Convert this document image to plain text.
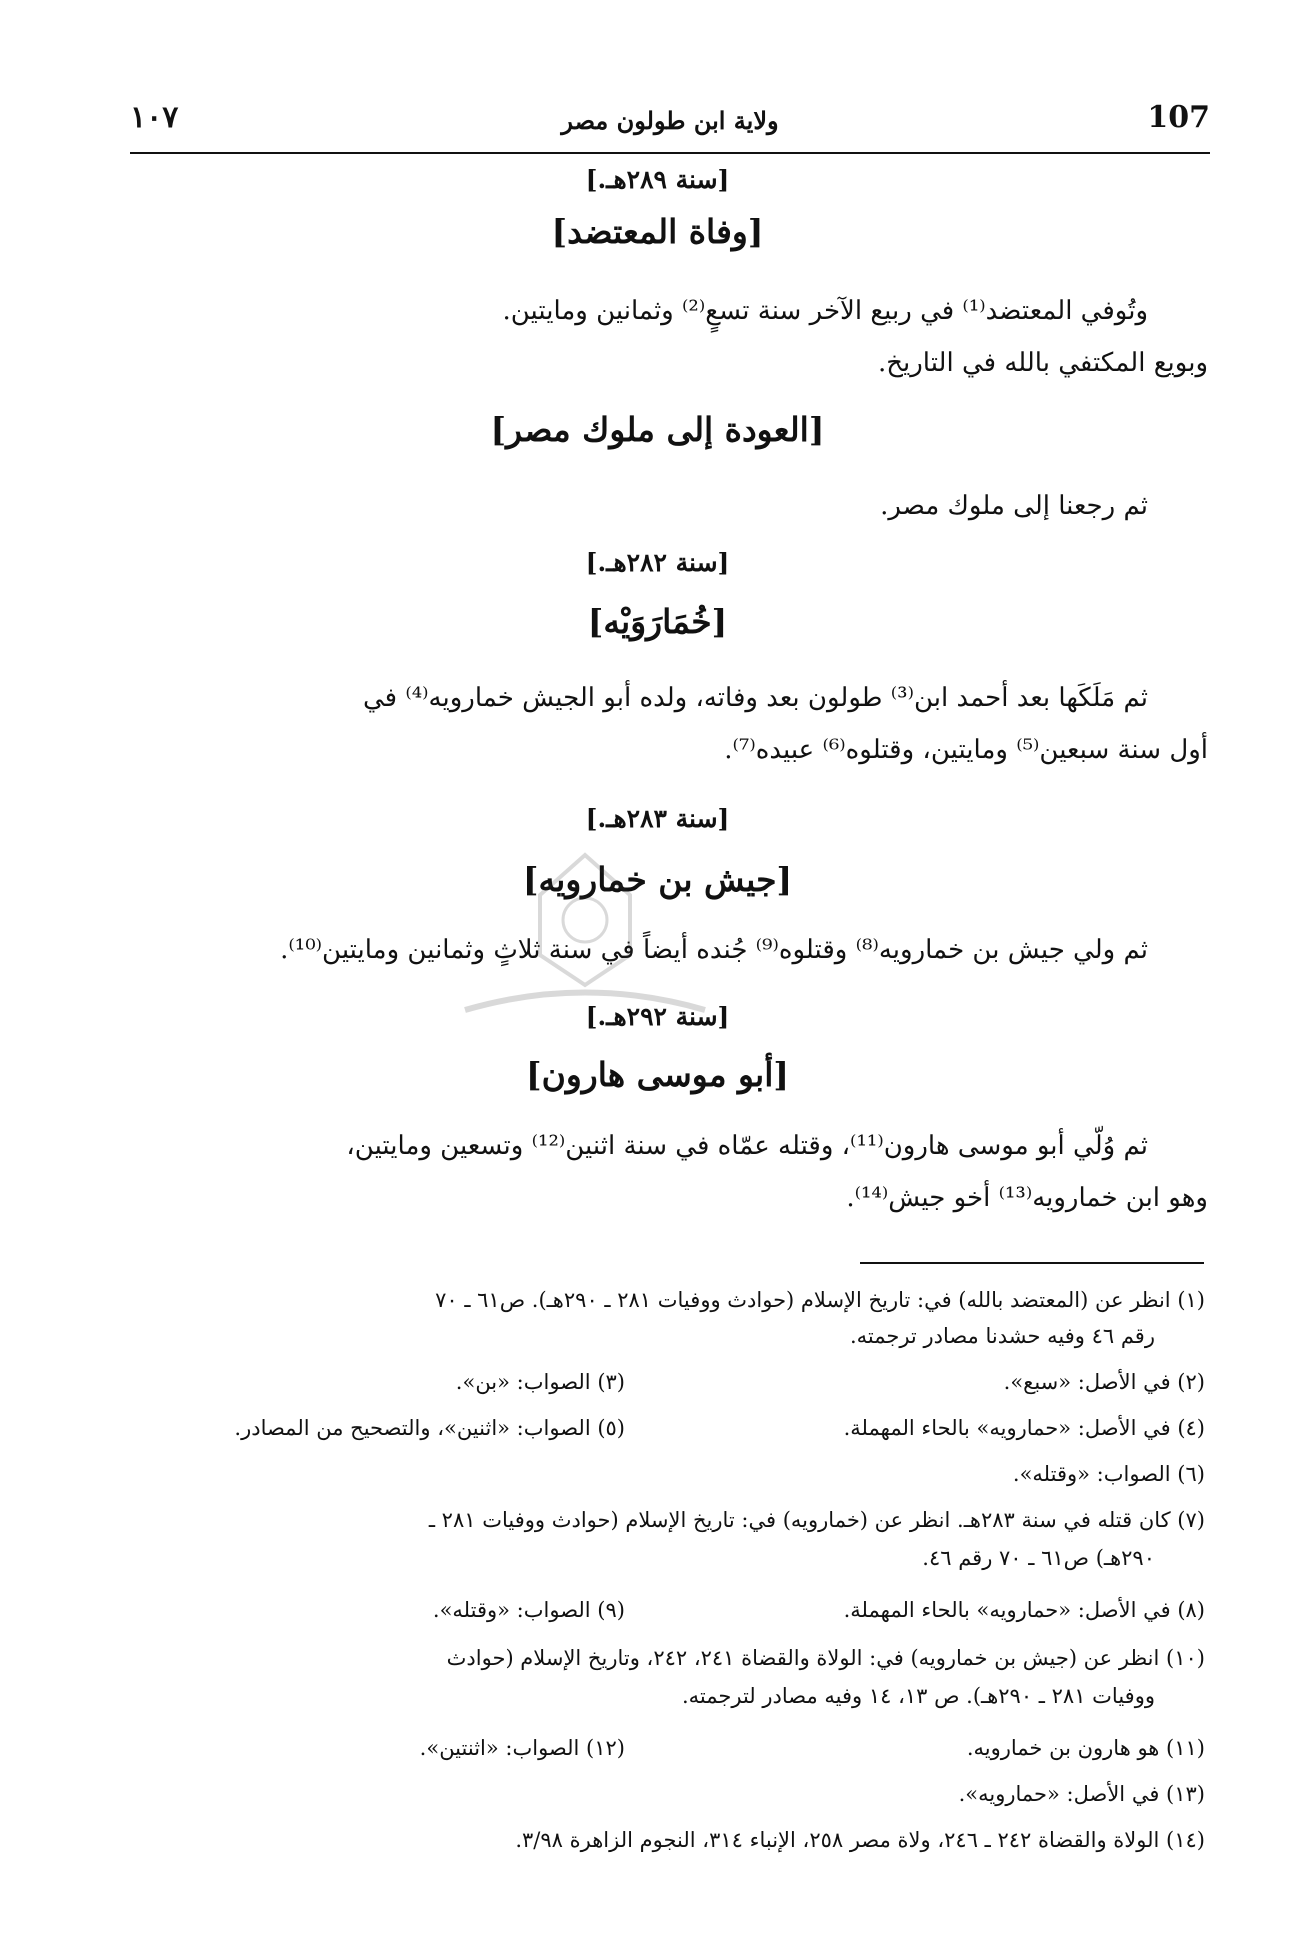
١٠٧	ولاية ابن طولون مصر	107
[سنة ٢٨٩هـ.]
[وفاة المعتضد]
وتُوفي المعتضد⁽¹⁾ في ربيع الآخر سنة تسعٍ⁽²⁾ وثمانين ومايتين.
وبويع المكتفي بالله في التاريخ.
[العودة إلى ملوك مصر]
ثم رجعنا إلى ملوك مصر.
[سنة ٢٨٢هـ.]
[خُمَارَوَيْه]
ثم مَلَكَها بعد أحمد ابن⁽³⁾ طولون بعد وفاته، ولده أبو الجيش خمارويه⁽⁴⁾ في
أول سنة سبعين⁽⁵⁾ ومايتين، وقتلوه⁽⁶⁾ عبيده⁽⁷⁾.
[سنة ٢٨٣هـ.]
[جيش بن خمارويه]
ثم ولي جيش بن خمارويه⁽⁸⁾ وقتلوه⁽⁹⁾ جُنده أيضاً في سنة ثلاثٍ وثمانين ومايتين⁽¹⁰⁾.
[سنة ٢٩٢هـ.]
[أبو موسى هارون]
ثم وُلّي أبو موسى هارون⁽¹¹⁾، وقتله عمّاه في سنة اثنين⁽¹²⁾ وتسعين ومايتين،
وهو ابن خمارويه⁽¹³⁾ أخو جيش⁽¹⁴⁾.
(١) انظر عن (المعتضد بالله) في: تاريخ الإسلام (حوادث ووفيات ٢٨١ ـ ٢٩٠هـ). ص٦١ ـ ٧٠
رقم ٤٦ وفيه حشدنا مصادر ترجمته.
(٢) في الأصل: «سبع».
(٣) الصواب: «بن».
(٤) في الأصل: «حمارويه» بالحاء المهملة.
(٥) الصواب: «اثنين»، والتصحيح من المصادر.
(٦) الصواب: «وقتله».
(٧) كان قتله في سنة ٢٨٣هـ. انظر عن (خمارويه) في: تاريخ الإسلام (حوادث ووفيات ٢٨١ ـ
٢٩٠هـ) ص٦١ ـ ٧٠ رقم ٤٦.
(٨) في الأصل: «حمارويه» بالحاء المهملة.
(٩) الصواب: «وقتله».
(١٠) انظر عن (جيش بن خمارويه) في: الولاة والقضاة ٢٤١، ٢٤٢، وتاريخ الإسلام (حوادث
ووفيات ٢٨١ ـ ٢٩٠هـ). ص ١٣، ١٤ وفيه مصادر لترجمته.
(١١) هو هارون بن خمارويه.
(١٢) الصواب: «اثنتين».
(١٣) في الأصل: «حمارويه».
(١٤) الولاة والقضاة ٢٤٢ ـ ٢٤٦، ولاة مصر ٢٥٨، الإنباء ٣١٤، النجوم الزاهرة ٣/٩٨.
